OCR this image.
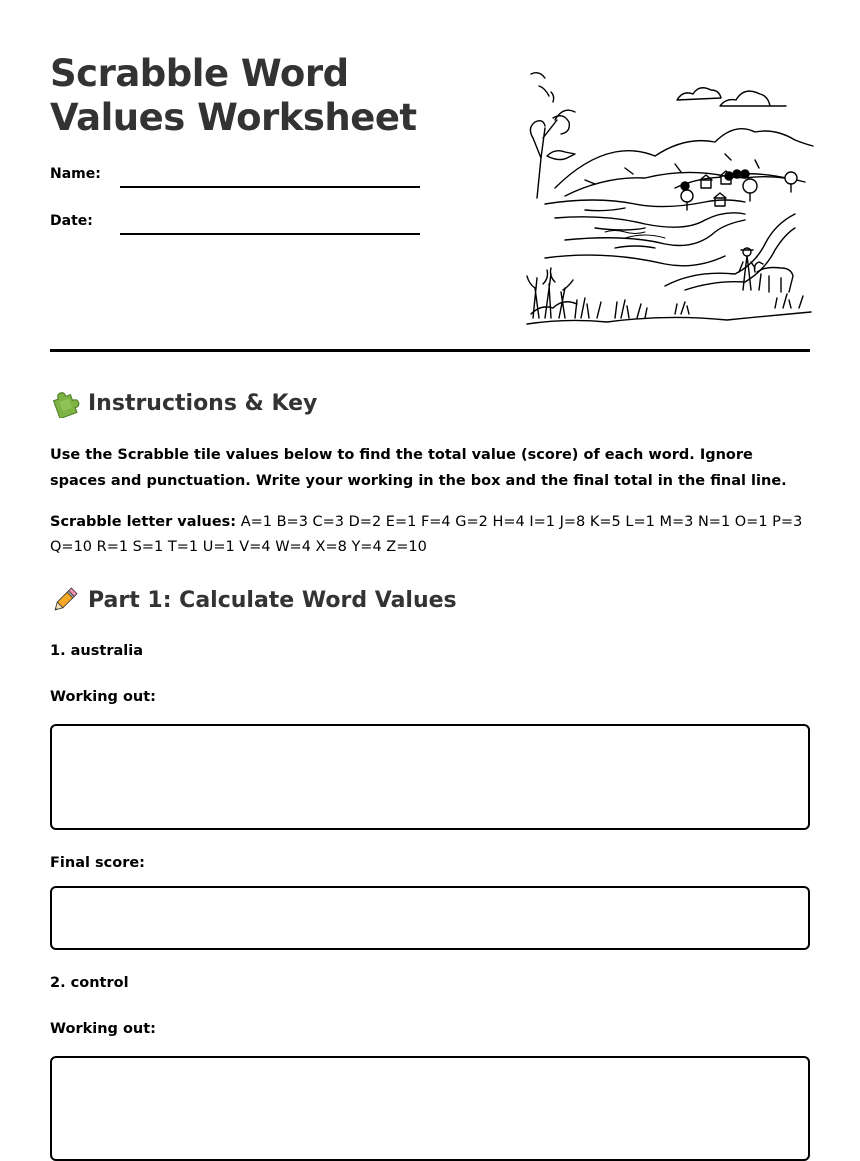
Scrabble Word Values Worksheet
Name:
Date:
Instructions & Key

Use the Scrabble tile values below to find the total value (score) of each word. Ignore spaces and punctuation. Write your working in the box and the final total in the final line.

Scrabble letter values: A=1 B=3 C=3 D=2 E=1 F=4 G=2 H=4 I=1 J=8 K=5 L=1 M=3 N=1 O=1 P=3 Q=10 R=1 S=1 T=1 U=1 V=4 W=4 X=8 Y=4 Z=10

Part 1: Calculate Word Values
1. australia
Working out:
Final score:
2. control
Working out:
